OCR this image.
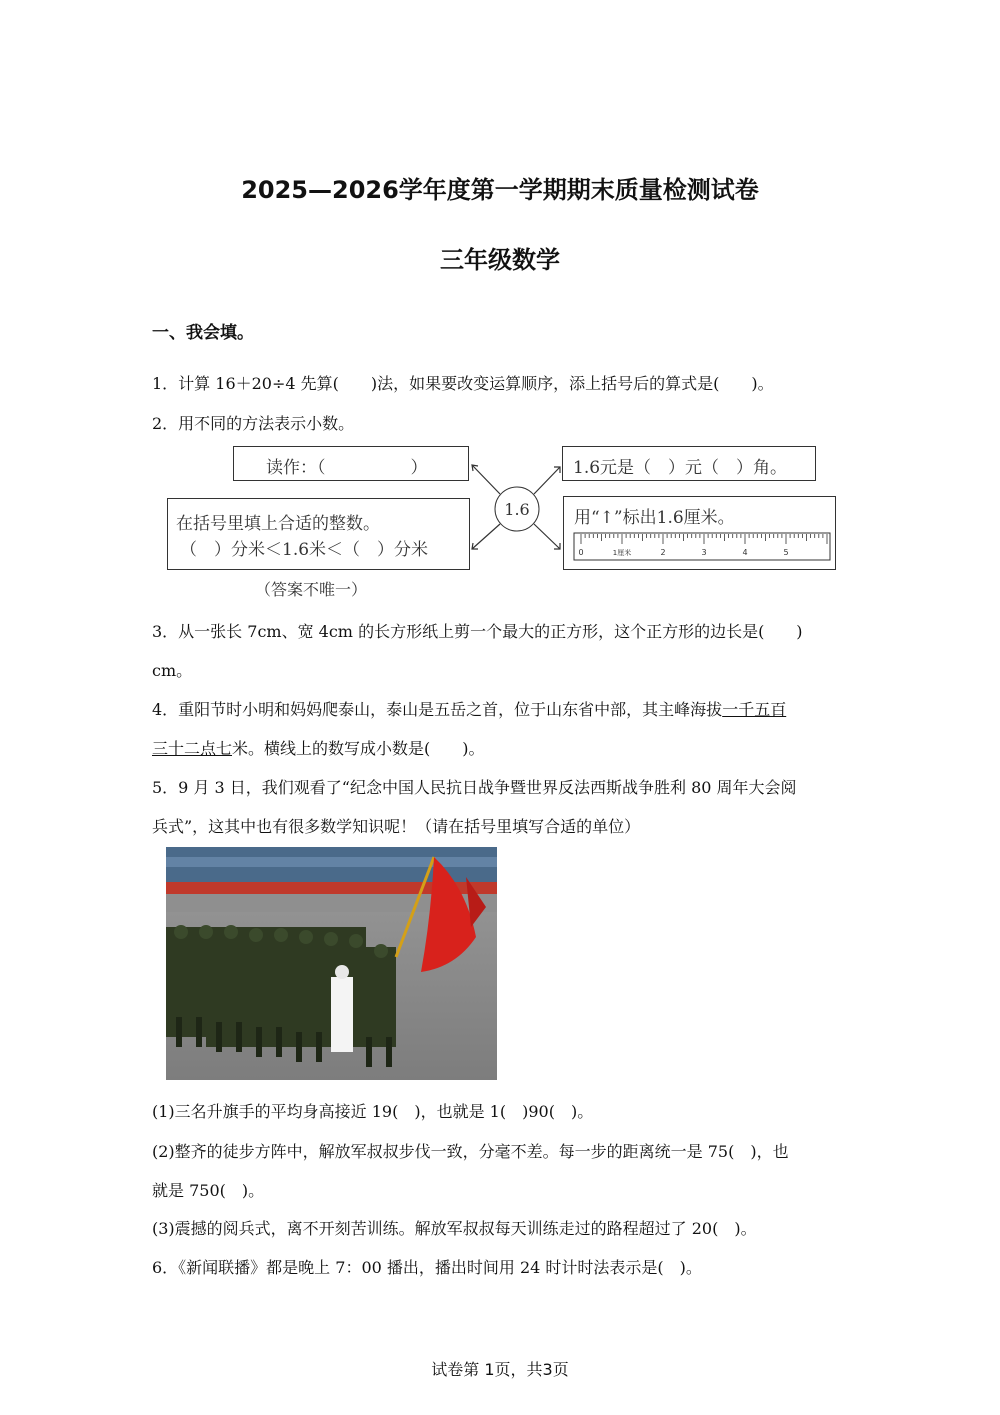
2025—2026学年度第一学期期末质量检测试卷
三年级数学
一、我会填。
1．计算 16＋20÷4 先算(　　)法，如果要改变运算顺序，添上括号后的算式是(　　)。
2．用不同的方法表示小数。
读作：（　　　　　）	1.6元是（　）元（　）角。
在括号里填上合适的整数。
（　）分米＜1.6米＜（　）分米
（答案不唯一）
用“↑”标出1.6厘米。
1.6
0	1厘米	2	3	4	5
3．从一张长 7cm、宽 4cm 的长方形纸上剪一个最大的正方形，这个正方形的边长是(　　)
cm。
4．重阳节时小明和妈妈爬泰山，泰山是五岳之首，位于山东省中部，其主峰海拔一千五百
三十二点七米。横线上的数写成小数是(　　)。
5．9 月 3 日，我们观看了“纪念中国人民抗日战争暨世界反法西斯战争胜利 80 周年大会阅
兵式”，这其中也有很多数学知识呢！（请在括号里填写合适的单位）
(1)三名升旗手的平均身高接近 19(　)，也就是 1(　)90(　)。
(2)整齐的徒步方阵中，解放军叔叔步伐一致，分毫不差。每一步的距离统一是 75(　)，也
就是 750(　)。
(3)震撼的阅兵式，离不开刻苦训练。解放军叔叔每天训练走过的路程超过了 20(　)。
6．《新闻联播》都是晚上 7：00 播出，播出时间用 24 时计时法表示是(　)。
试卷第 1页，共3页
